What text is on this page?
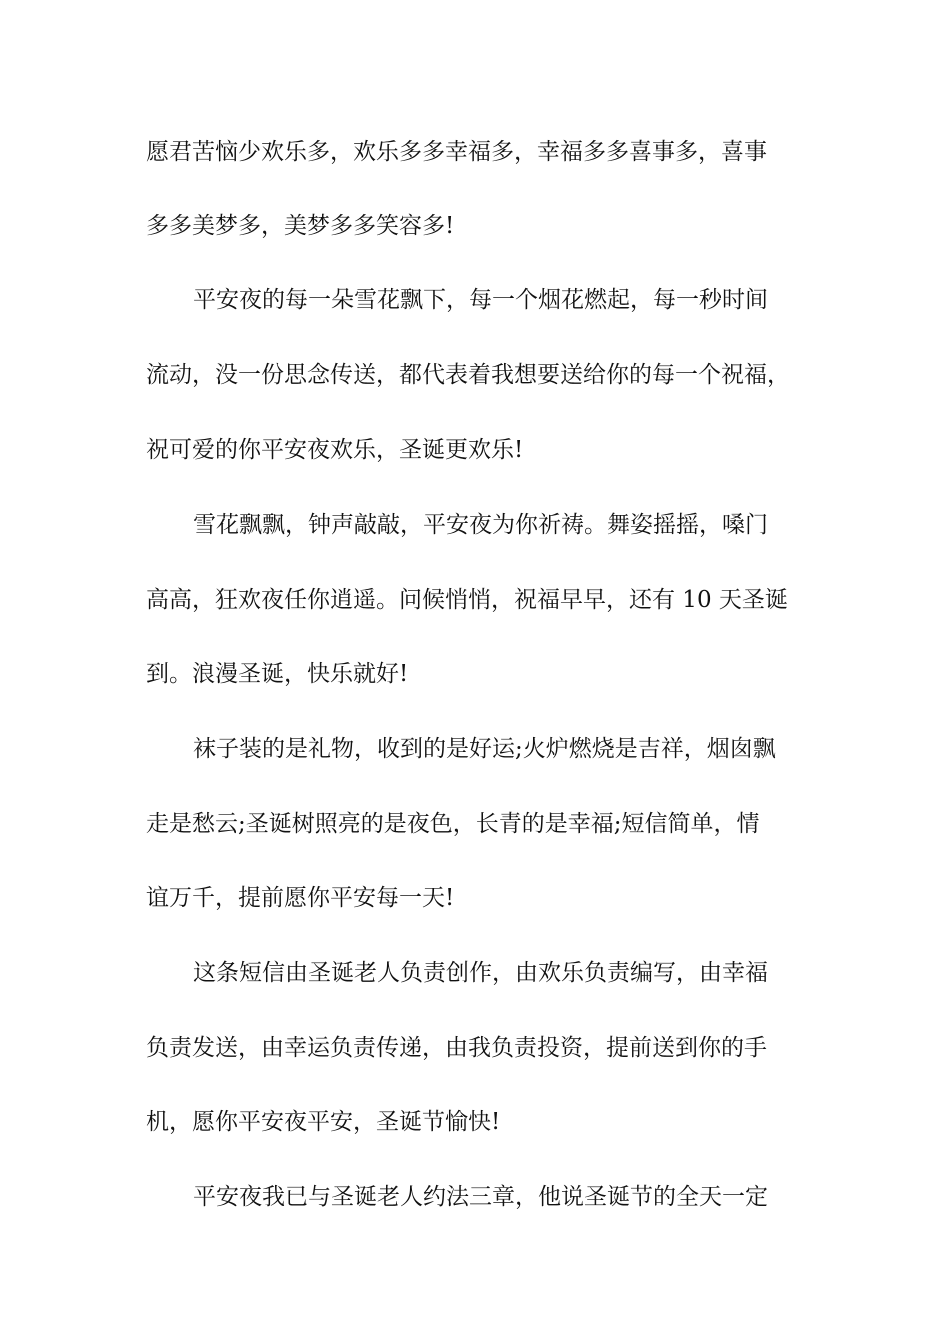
愿君苦恼少欢乐多，欢乐多多幸福多，幸福多多喜事多，喜事
多多美梦多，美梦多多笑容多!
平安夜的每一朵雪花飘下，每一个烟花燃起，每一秒时间
流动，没一份思念传送，都代表着我想要送给你的每一个祝福，
祝可爱的你平安夜欢乐，圣诞更欢乐!
雪花飘飘，钟声敲敲，平安夜为你祈祷。舞姿摇摇，嗓门
高高，狂欢夜任你逍遥。问候悄悄，祝福早早，还有 10 天圣诞
到。浪漫圣诞，快乐就好!
袜子装的是礼物，收到的是好运;火炉燃烧是吉祥，烟囱飘
走是愁云;圣诞树照亮的是夜色，长青的是幸福;短信简单，情
谊万千，提前愿你平安每一天!
这条短信由圣诞老人负责创作，由欢乐负责编写，由幸福
负责发送，由幸运负责传递，由我负责投资，提前送到你的手
机，愿你平安夜平安，圣诞节愉快!
平安夜我已与圣诞老人约法三章，他说圣诞节的全天一定
